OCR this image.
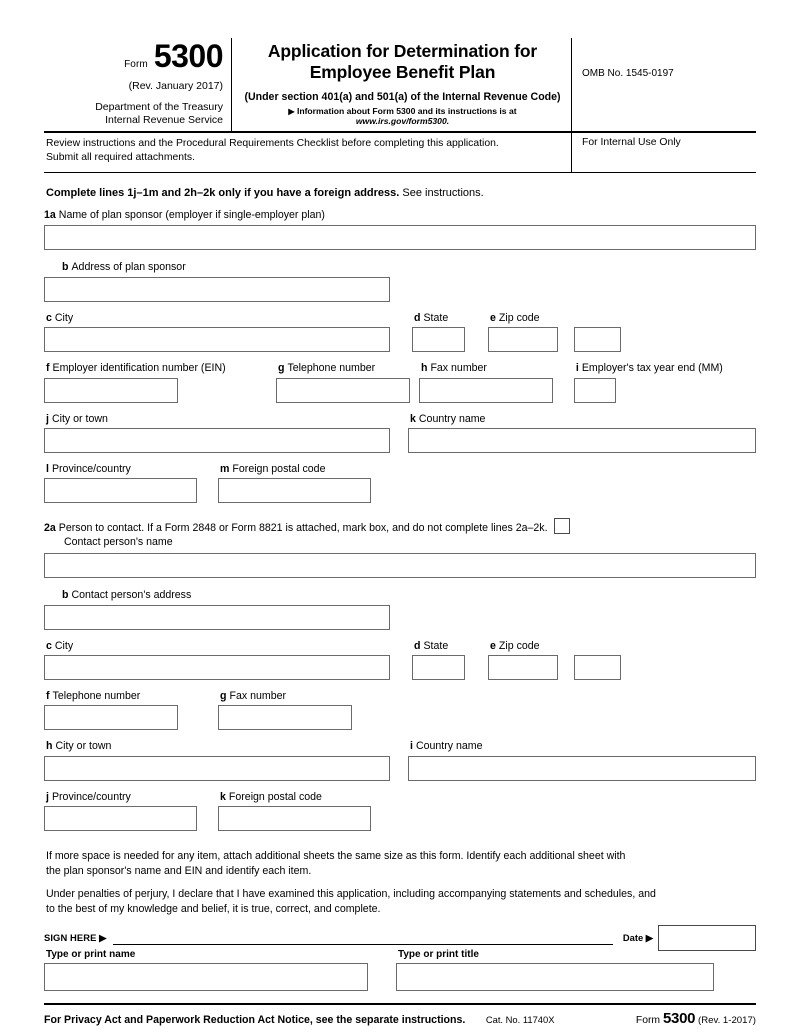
Form 5300
(Rev. January 2017)
Department of the Treasury
Internal Revenue Service
Application for Determination for
Employee Benefit Plan
(Under section 401(a) and 501(a) of the Internal Revenue Code)
▶ Information about Form 5300 and its instructions is at www.irs.gov/form5300.
OMB No. 1545-0197
Review instructions and the Procedural Requirements Checklist before completing this application.
Submit all required attachments.
For Internal Use Only
Complete lines 1j–1m and 2h–2k only if you have a foreign address. See instructions.
1a Name of plan sponsor (employer if single-employer plan)
b Address of plan sponsor
c City	d State	e Zip code

f Employer identification number (EIN)	g Telephone number	h Fax number	i Employer's tax year end (MM)
j City or town	k Country name
l Province/country	m Foreign postal code
2a Person to contact. If a Form 2848 or Form 8821 is attached, mark box, and do not complete lines 2a–2k.
Contact person's name
b Contact person's address
c City	d State	e Zip code

f Telephone number	g Fax number
h City or town	i Country name
j Province/country	k Foreign postal code
If more space is needed for any item, attach additional sheets the same size as this form. Identify each additional sheet with
the plan sponsor's name and EIN and identify each item.
Under penalties of perjury, I declare that I have examined this application, including accompanying statements and schedules, and
to the best of my knowledge and belief, it is true, correct, and complete.
SIGN HERE ▶	Date ▶
Type or print name	Type or print title
For Privacy Act and Paperwork Reduction Act Notice, see the separate instructions.	Cat. No. 11740X	Form 5300 (Rev. 1-2017)
